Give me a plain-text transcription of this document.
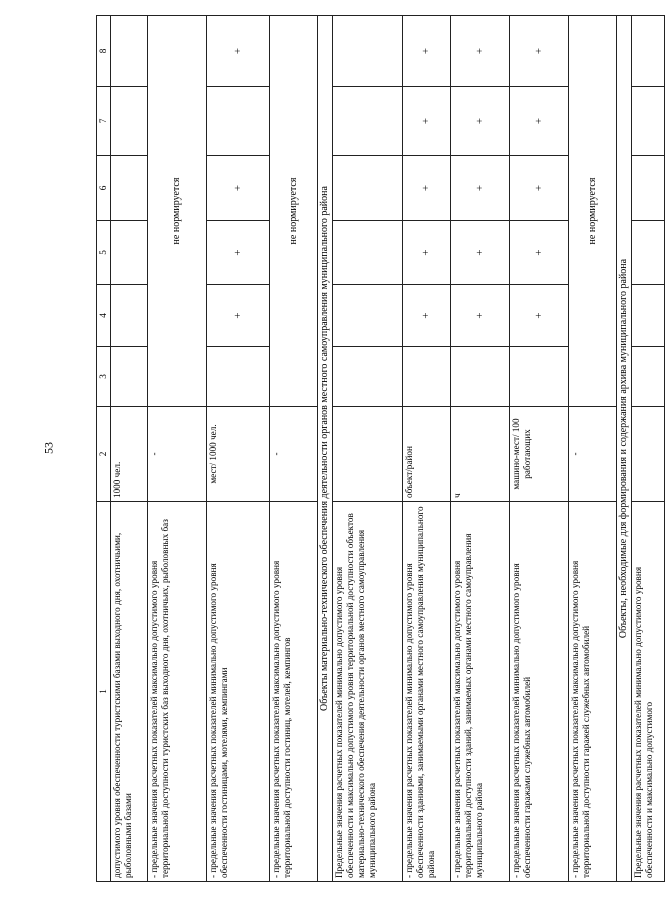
53
1	2	3	4	5	6	7	8
допустимого уровня обеспеченности туристскими базами выходного дня, охотничьими, рыболовными базами	1000 чел.						
- предельные значения расчетных показателей максимально допустимого уровня территориальной доступности туристских баз выходного дня, охотничьих, рыболовных баз	-	не нормируется					
- предельные значения расчетных показателей минимально допустимого уровня обеспеченности гостиницами, мотелями, кемпингами	мест/ 1000 чел.		+	+	+		+
- предельные значения расчетных показателей максимально допустимого уровня территориальной доступности гостиниц, мотелей, кемпингов	-	не нормируется					
Объекты материально-технического обеспечения деятельности органов местного самоуправления муниципального района							
Предельные значения расчетных показателей минимально допустимого уровня обеспеченности и максимально допустимого уровня территориальной доступности объектов материально-технического обеспечения деятельности органов местного самоуправления муниципального района							
- предельные значения расчетных показателей минимально допустимого уровня обеспеченности зданиями, занимаемыми органами местного самоуправления муниципального района	объект/район		+	+	+	+	+
- предельные значения расчетных показателей максимально допустимого уровня территориальной доступности зданий, занимаемых органами местного самоуправления муниципального района	ч		+	+	+	+	+
- предельные значения расчетных показателей минимально допустимого уровня обеспеченности гаражами служебных автомобилей	машино-мест/ 100 работающих		+	+	+	+	+
- предельные значения расчетных показателей максимально допустимого уровня территориальной доступности гаражей служебных автомобилей	-	не нормируется					
Объекты, необходимые для формирования и содержания архива муниципального района							
Предельные значения расчетных показателей минимально допустимого уровня обеспеченности и максимально допустимого							
